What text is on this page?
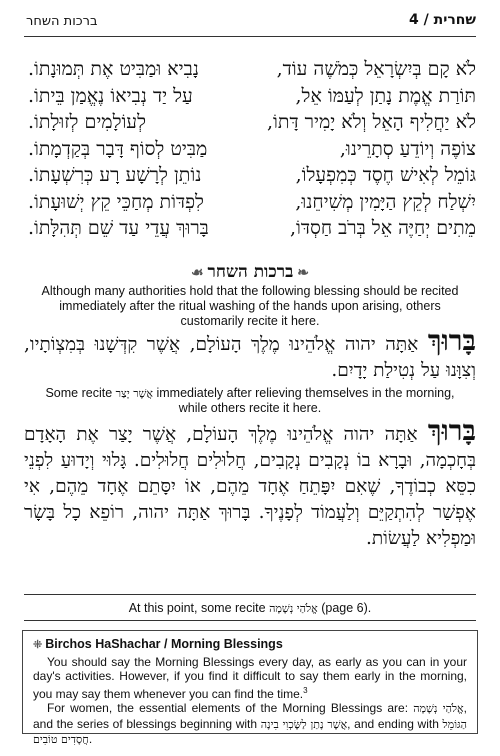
ברכות השחר	4 / שחרית
לֹא קָם בְּיִשְׂרָאֵל כְּמֹשֶׁה עוֹד,
נָבִיא וּמַבִּיט אֶת תְּמוּנָתוֹ.
תּוֹרַת אֱמֶת נָתַן לְעַמּוֹ אֵל,
עַל יַד נְבִיאוֹ נֶאֱמַן בֵּיתוֹ.
לֹא יַחֲלִיף הָאֵל וְלֹא יָמִיר דָּתוֹ,
לְעוֹלָמִים לְזוּלָתוֹ.
צוֹפֶה וְיוֹדֵעַ סְתָרֵינוּ,
מַבִּיט לְסוֹף דָּבָר בְּקַדְמָתוֹ.
גּוֹמֵל לְאִישׁ חֶסֶד כְּמִפְעָלוֹ,
נוֹתֵן לְרָשָׁע רָע כְּרִשְׁעָתוֹ.
יִשְׁלַח לְקֵץ הַיָּמִין מְשִׁיחֵנוּ,
לִפְדּוֹת מְחַכֵּי קֵץ יְשׁוּעָתוֹ.
מֵתִים יְחַיֶּה אֵל בְּרֹב חַסְדּוֹ,
בָּרוּךְ עֲדֵי עַד שֵׁם תְּהִלָּתוֹ.
❧ברכות השחר☙
Although many authorities hold that the following blessing should be recited immediately after the ritual washing of the hands upon arising, others customarily recite it here.
בָּרוּךְ אַתָּה יהוה אֱלֹהֵינוּ מֶלֶךְ הָעוֹלָם, אֲשֶׁר קִדְּשָׁנוּ בְּמִצְוֹתָיו, וְצִוָּנוּ עַל נְטִילַת יָדָיִם.
Some recite אֲשֶׁר יָצַר immediately after relieving themselves in the morning, while others recite it here.
בָּרוּךְ אַתָּה יהוה אֱלֹהֵינוּ מֶלֶךְ הָעוֹלָם, אֲשֶׁר יָצַר אֶת הָאָדָם בְּחָכְמָה, וּבָרָא בוֹ נְקָבִים נְקָבִים, חֲלוּלִים חֲלוּלִים. גָּלוּי וְיָדוּעַ לִפְנֵי כִסֵּא כְבוֹדֶךָ, שֶׁאִם יִפָּתֵחַ אֶחָד מֵהֶם, אוֹ יִסָּתֵם אֶחָד מֵהֶם, אִי אֶפְשַׁר לְהִתְקַיֵּם וְלַעֲמוֹד לְפָנֶיךָ. בָּרוּךְ אַתָּה יהוה, רוֹפֵא כָל בָּשָׂר וּמַפְלִיא לַעֲשׂוֹת.
At this point, some recite אֱלֹהַי נְשָׁמָה (page 6).
⁜ Birchos HaShachar / Morning Blessings

You should say the Morning Blessings every day, as early as you can in your day's activities. However, if you find it difficult to say them early in the morning, you may say them whenever you can find the time.$^3$

For women, the essential elements of the Morning Blessings are: אֱלֹהַי נְשָׁמָה, and the series of blessings beginning with אֲשֶׁר נָתַן לַשֶּׂכְוִי בִינָה, and ending with הַגּוֹמֵל חֲסָדִים טוֹבִים.
